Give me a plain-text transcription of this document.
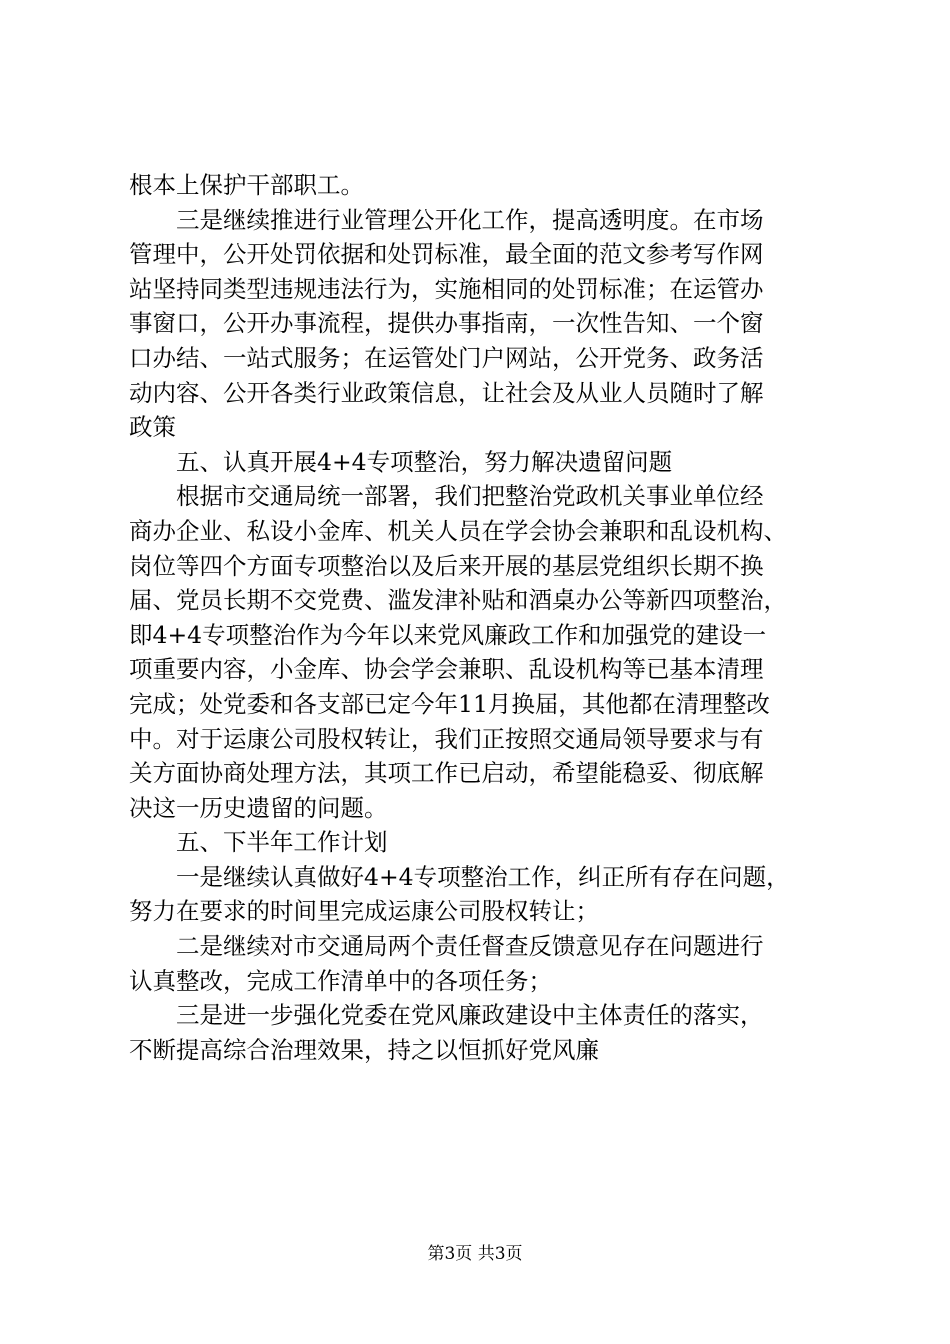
根本上保护干部职工。
三是继续推进行业管理公开化工作，提高透明度。在市场
管理中，公开处罚依据和处罚标准，最全面的范文参考写作网
站坚持同类型违规违法行为，实施相同的处罚标准；在运管办
事窗口，公开办事流程，提供办事指南，一次性告知、一个窗
口办结、一站式服务；在运管处门户网站，公开党务、政务活
动内容、公开各类行业政策信息，让社会及从业人员随时了解
政策
五、认真开展4+4专项整治，努力解决遗留问题
根据市交通局统一部署，我们把整治党政机关事业单位经
商办企业、私设小金库、机关人员在学会协会兼职和乱设机构、
岗位等四个方面专项整治以及后来开展的基层党组织长期不换
届、党员长期不交党费、滥发津补贴和酒桌办公等新四项整治，
即4+4专项整治作为今年以来党风廉政工作和加强党的建设一
项重要内容，小金库、协会学会兼职、乱设机构等已基本清理
完成；处党委和各支部已定今年11月换届，其他都在清理整改
中。对于运康公司股权转让，我们正按照交通局领导要求与有
关方面协商处理方法，其项工作已启动，希望能稳妥、彻底解
决这一历史遗留的问题。
五、下半年工作计划
一是继续认真做好4+4专项整治工作，纠正所有存在问题，
努力在要求的时间里完成运康公司股权转让；
二是继续对市交通局两个责任督查反馈意见存在问题进行
认真整改，完成工作清单中的各项任务；
三是进一步强化党委在党风廉政建设中主体责任的落实，
不断提高综合治理效果，持之以恒抓好党风廉
第3页 共3页
